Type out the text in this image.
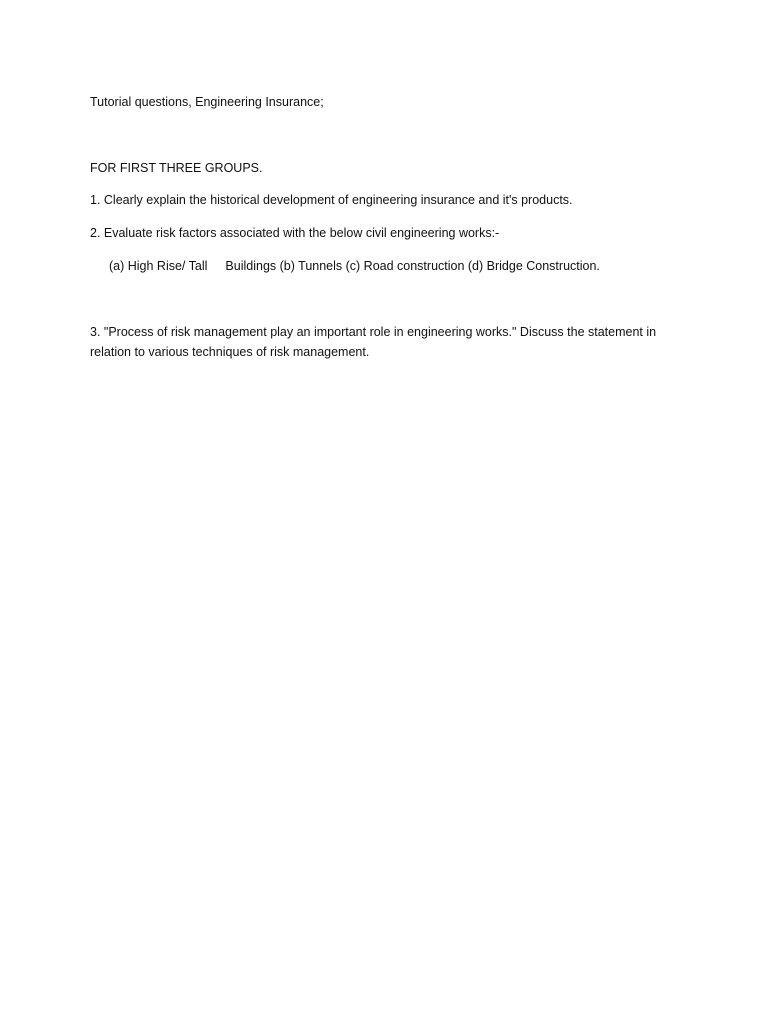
Tutorial questions, Engineering Insurance;
FOR FIRST THREE GROUPS.
1. Clearly explain the historical development of engineering insurance and it's products.
2. Evaluate risk factors associated with the below civil engineering works:-
(a) High Rise/ Tall Buildings (b) Tunnels (c) Road construction (d) Bridge Construction.
3. "Process of risk management play an important role in engineering works." Discuss the statement in relation to various techniques of risk management.
